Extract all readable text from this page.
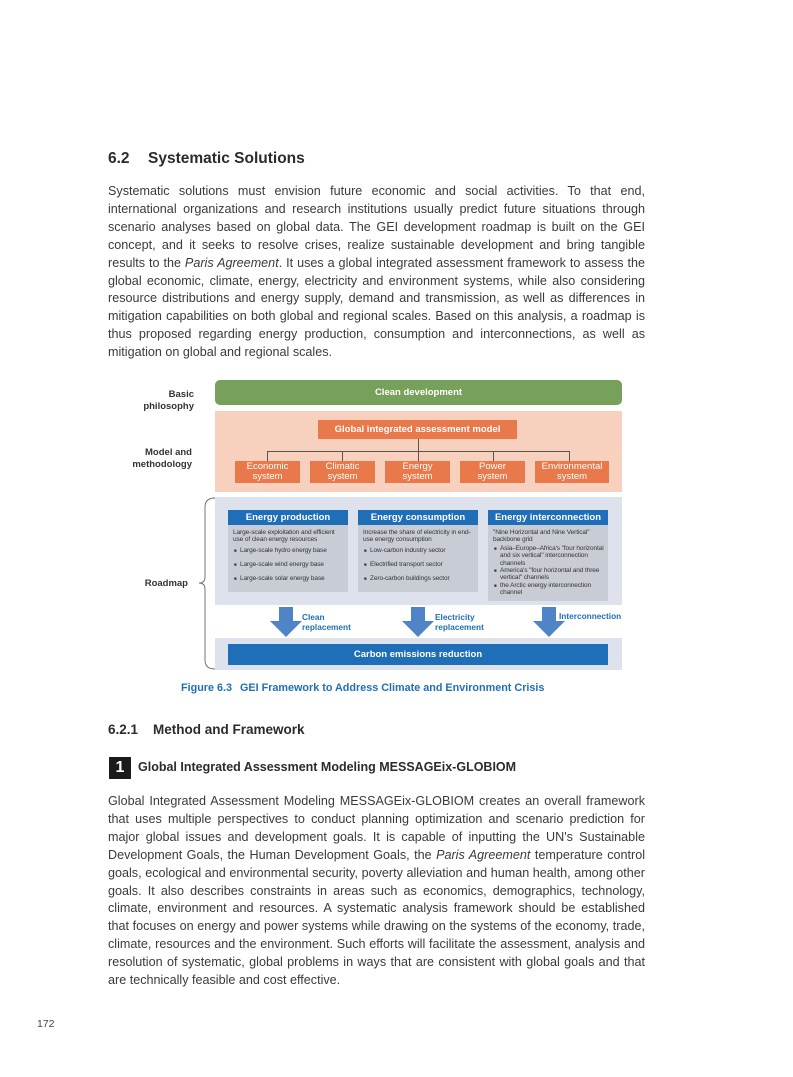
6.2 Systematic Solutions

Systematic solutions must envision future economic and social activities. To that end, international organizations and research institutions usually predict future situations through scenario analyses based on global data. The GEI development roadmap is built on the GEI concept, and it seeks to resolve crises, realize sustainable development and bring tangible results to the Paris Agreement. It uses a global integrated assessment framework to assess the global economic, climate, energy, electricity and environment systems, while also considering resource distributions and energy supply, demand and transmission, as well as differences in mitigation capabilities on both global and regional scales. Based on this analysis, a roadmap is thus proposed regarding energy production, consumption and interconnections, as well as mitigation on global and regional scales.

Basic philosophy
Model and methodology
Roadmap
Clean development
Global integrated assessment model
Economic
system
Climatic
system
Energy
system
Power
system
Environmental
system
Energy production
Large-scale exploitation and efficient use of clean energy resources
■ Large-scale hydro energy base
■ Large-scale wind energy base
■ Large-scale solar energy base
Energy consumption
Increase the share of electricity in end-use energy consumption
■ Low-carbon industry sector
■ Electrified transport sector
■ Zero-carbon buildings sector
Energy interconnection
"Nine Horizontal and Nine Vertical" backbone grid
■ Asia–Europe–Africa's "four horizontal and six vertical" interconnection channels
■ America's "four horizontal and three vertical" channels
■ the Arctic energy interconnection channel
Clean
replacement
Electricity
replacement
Interconnection
Carbon emissions reduction
Figure 6.3 GEI Framework to Address Climate and Environment Crisis
6.2.1 Method and Framework
1	Global Integrated Assessment Modeling MESSAGEix-GLOBIOM

Global Integrated Assessment Modeling MESSAGEix-GLOBIOM creates an overall framework that uses multiple perspectives to conduct planning optimization and scenario prediction for major global issues and development goals. It is capable of inputting the UN's Sustainable Development Goals, the Human Development Goals, the Paris Agreement temperature control goals, ecological and environmental security, poverty alleviation and human health, among other goals. It also describes constraints in areas such as economics, demographics, technology, climate, environment and resources. A systematic analysis framework should be established that focuses on energy and power systems while drawing on the systems of the economy, trade, climate, resources and the environment. Such efforts will facilitate the assessment, analysis and resolution of systematic, global problems in ways that are consistent with global goals and that are technically feasible and cost effective.

172
